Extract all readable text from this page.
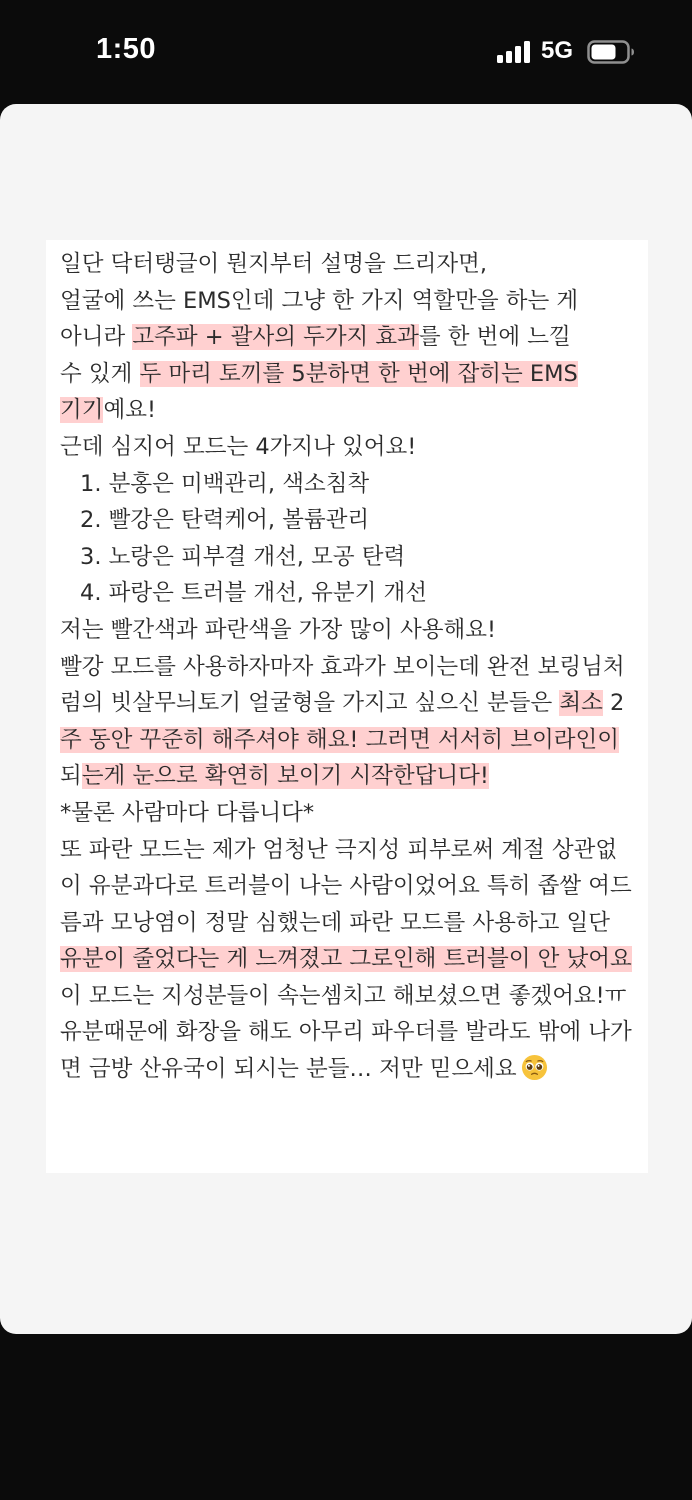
1:50	5G
일단 닥터탱글이 뭔지부터 설명을 드리자면,
얼굴에 쓰는 EMS인데 그냥 한 가지 역할만을 하는 게
아니라 고주파 + 괄사의 두가지 효과를 한 번에 느낄
수 있게 두 마리 토끼를 5분하면 한 번에 잡히는 EMS
기기예요!
근데 심지어 모드는 4가지나 있어요!
1. 분홍은 미백관리, 색소침착
2. 빨강은 탄력케어, 볼륨관리
3. 노랑은 피부결 개선, 모공 탄력
4. 파랑은 트러블 개선, 유분기 개선
저는 빨간색과 파란색을 가장 많이 사용해요!
빨강 모드를 사용하자마자 효과가 보이는데 완전 보링님처
럼의 빗살무늬토기 얼굴형을 가지고 싶으신 분들은 최소 2
주 동안 꾸준히 해주셔야 해요! 그러면 서서히 브이라인이
되는게 눈으로 확연히 보이기 시작한답니다!
*물론 사람마다 다릅니다*
또 파란 모드는 제가 엄청난 극지성 피부로써 계절 상관없
이 유분과다로 트러블이 나는 사람이었어요 특히 좁쌀 여드
름과 모낭염이 정말 심했는데 파란 모드를 사용하고 일단
유분이 줄었다는 게 느껴졌고 그로인해 트러블이 안 났어요
이 모드는 지성분들이 속는셈치고 해보셨으면 좋겠어요!ㅠ
유분때문에 화장을 해도 아무리 파우더를 발라도 밖에 나가
면 금방 산유국이 되시는 분들… 저만 믿으세요
